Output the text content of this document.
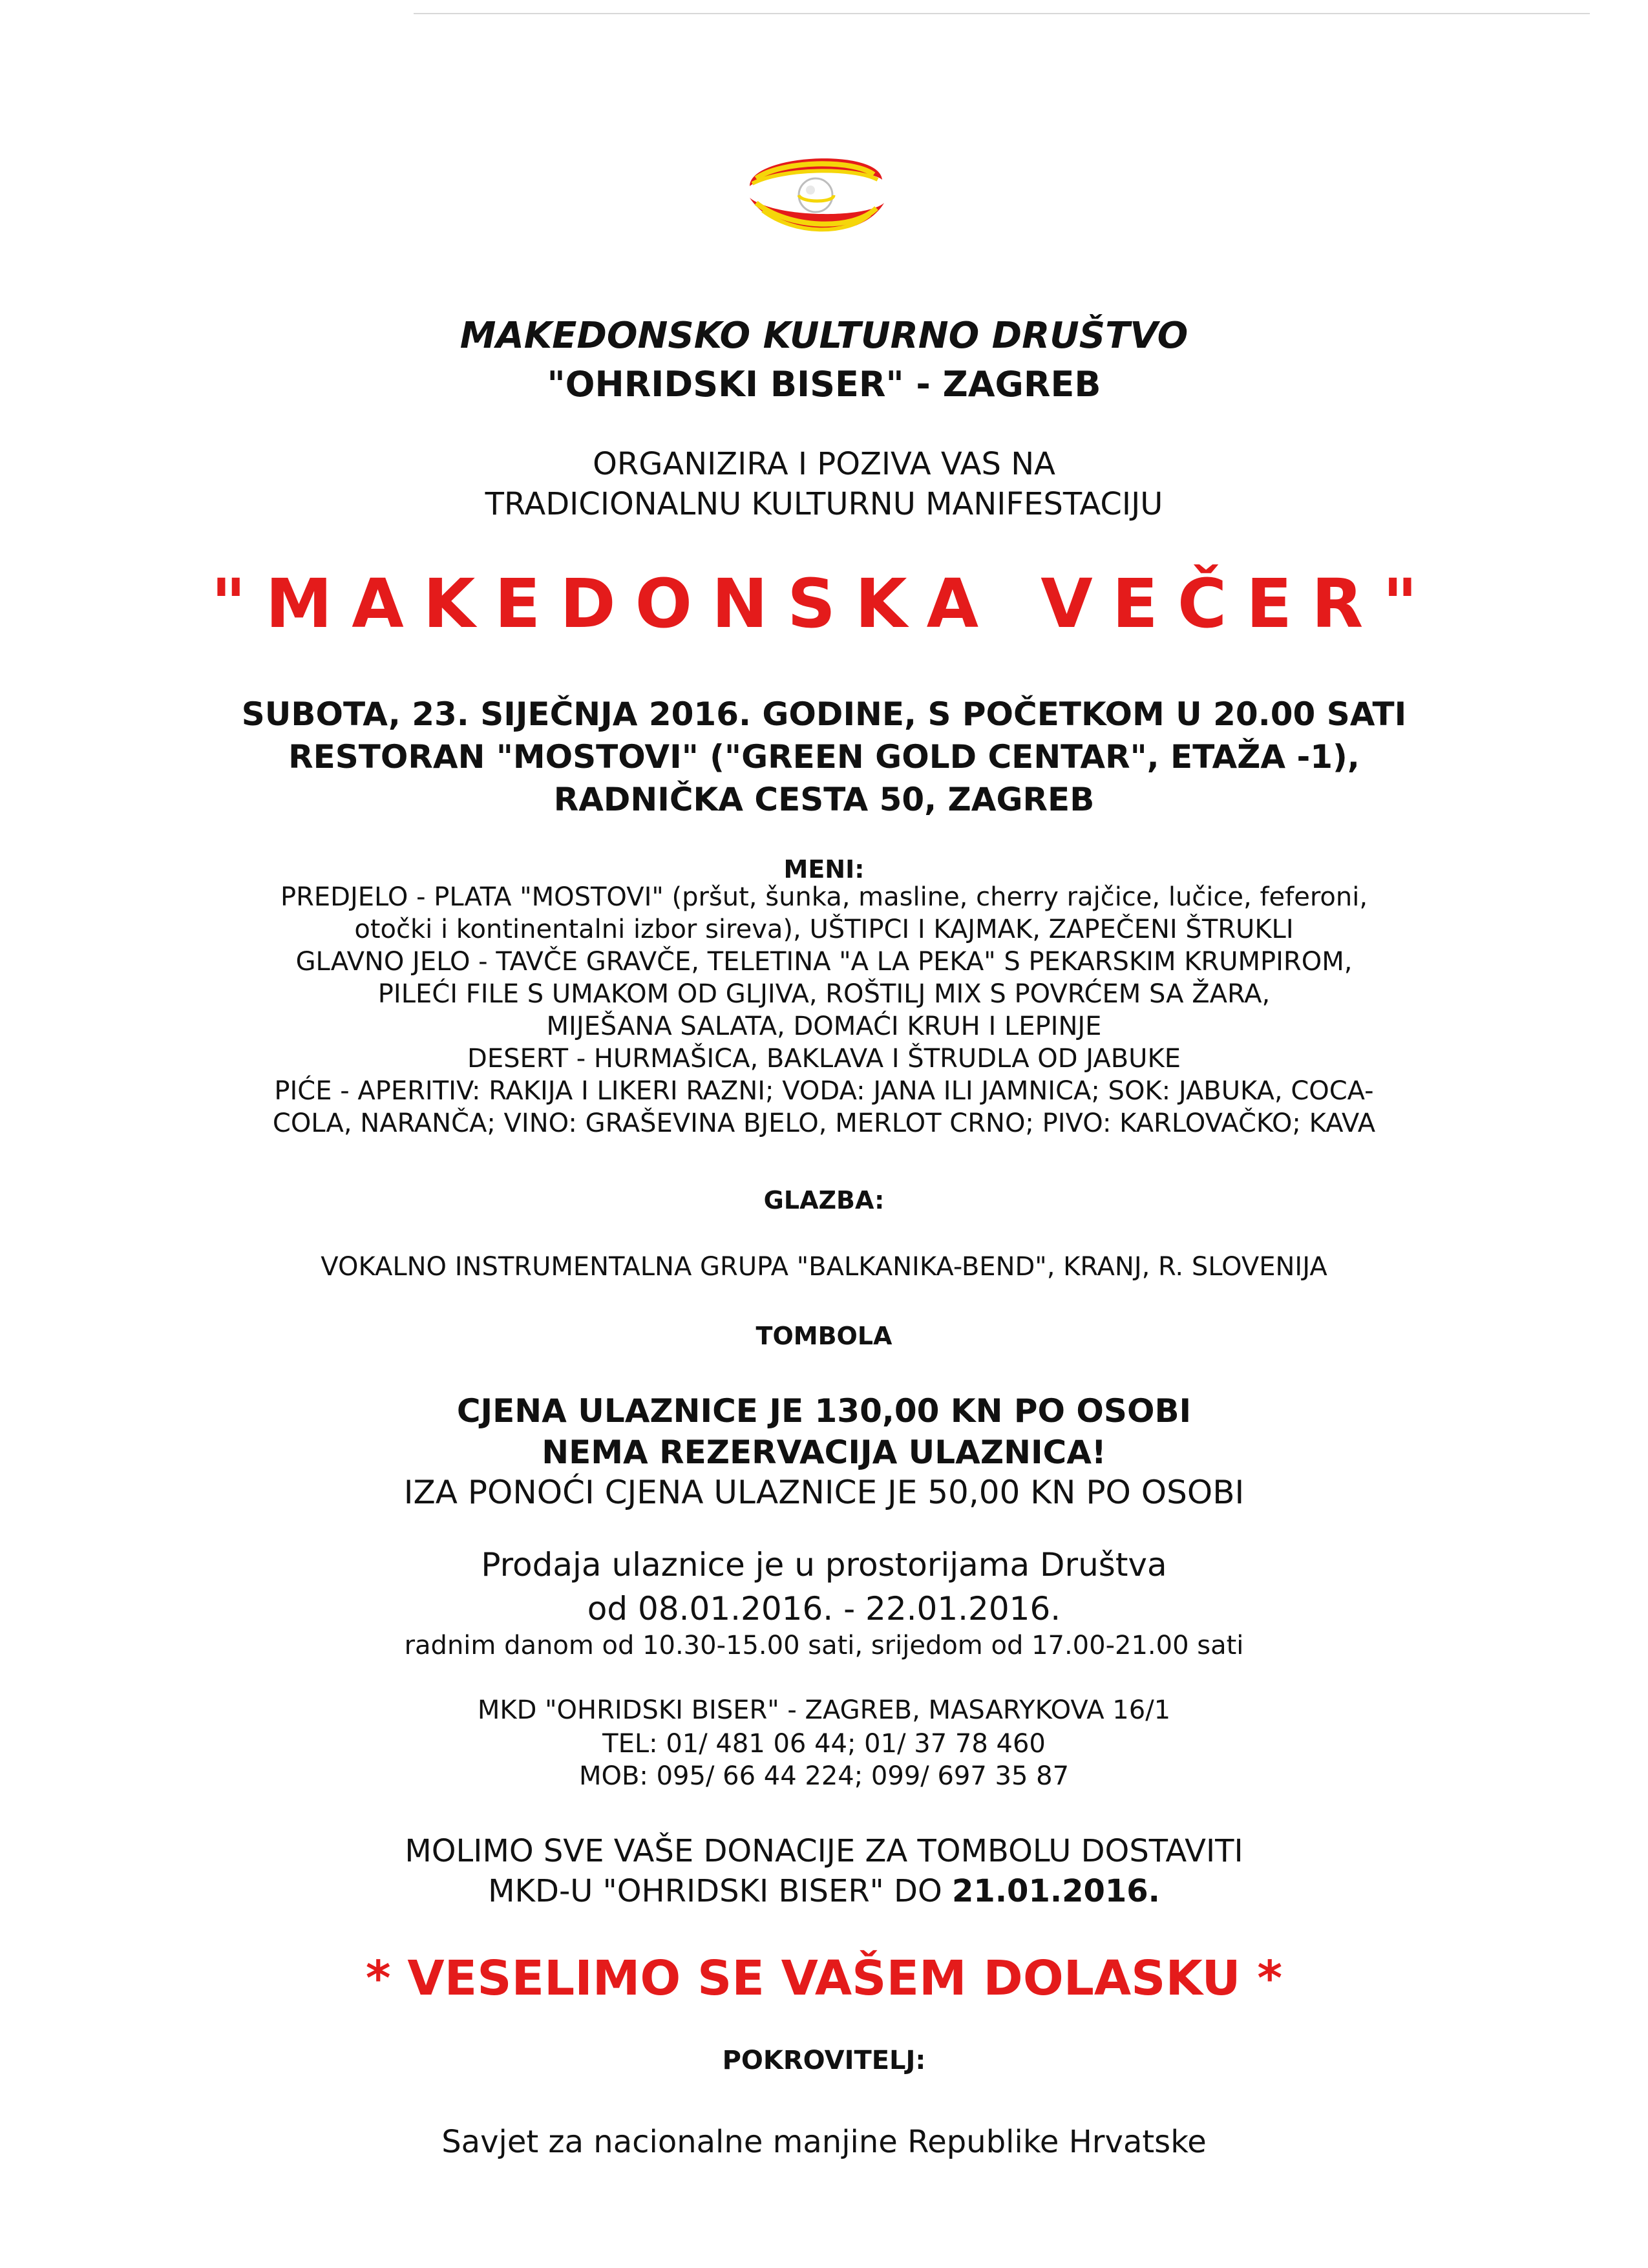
MAKEDONSKO KULTURNO DRUŠTVO
"OHRIDSKI BISER" - ZAGREB
ORGANIZIRA I POZIVA VAS NA
TRADICIONALNU KULTURNU MANIFESTACIJU
"MAKEDONSKA VEČER"
SUBOTA, 23. SIJEČNJA 2016. GODINE, S POČETKOM U 20.00 SATI
RESTORAN "MOSTOVI" ("GREEN GOLD CENTAR", ETAŽA -1),
RADNIČKA CESTA 50, ZAGREB
MENI:
PREDJELO - PLATA "MOSTOVI" (pršut, šunka, masline, cherry rajčice, lučice, feferoni,
otočki i kontinentalni izbor sireva), UŠTIPCI I KAJMAK, ZAPEČENI ŠTRUKLI
GLAVNO JELO - TAVČE GRAVČE, TELETINA "A LA PEKA" S PEKARSKIM KRUMPIROM,
PILEĆI FILE S UMAKOM OD GLJIVA, ROŠTILJ MIX S POVRĆEM SA ŽARA,
MIJEŠANA SALATA, DOMAĆI KRUH I LEPINJE
DESERT - HURMAŠICA, BAKLAVA I ŠTRUDLA OD JABUKE
PIĆE - APERITIV: RAKIJA I LIKERI RAZNI; VODA: JANA ILI JAMNICA; SOK: JABUKA, COCA-
COLA, NARANČA; VINO: GRAŠEVINA BJELO, MERLOT CRNO; PIVO: KARLOVAČKO; KAVA
GLAZBA:
VOKALNO INSTRUMENTALNA GRUPA "BALKANIKA-BEND", KRANJ, R. SLOVENIJA
TOMBOLA
CJENA ULAZNICE JE 130,00 KN PO OSOBI
NEMA REZERVACIJA ULAZNICA!
IZA PONOĆI CJENA ULAZNICE JE 50,00 KN PO OSOBI
Prodaja ulaznice je u prostorijama Društva
od 08.01.2016. - 22.01.2016.
radnim danom od 10.30-15.00 sati, srijedom od 17.00-21.00 sati
MKD "OHRIDSKI BISER" - ZAGREB, MASARYKOVA 16/1
TEL: 01/ 481 06 44; 01/ 37 78 460
MOB: 095/ 66 44 224; 099/ 697 35 87
MOLIMO SVE VAŠE DONACIJE ZA TOMBOLU DOSTAVITI
MKD-U "OHRIDSKI BISER" DO 21.01.2016.
* VESELIMO SE VAŠEM DOLASKU *
POKROVITELJ:
Savjet za nacionalne manjine Republike Hrvatske
